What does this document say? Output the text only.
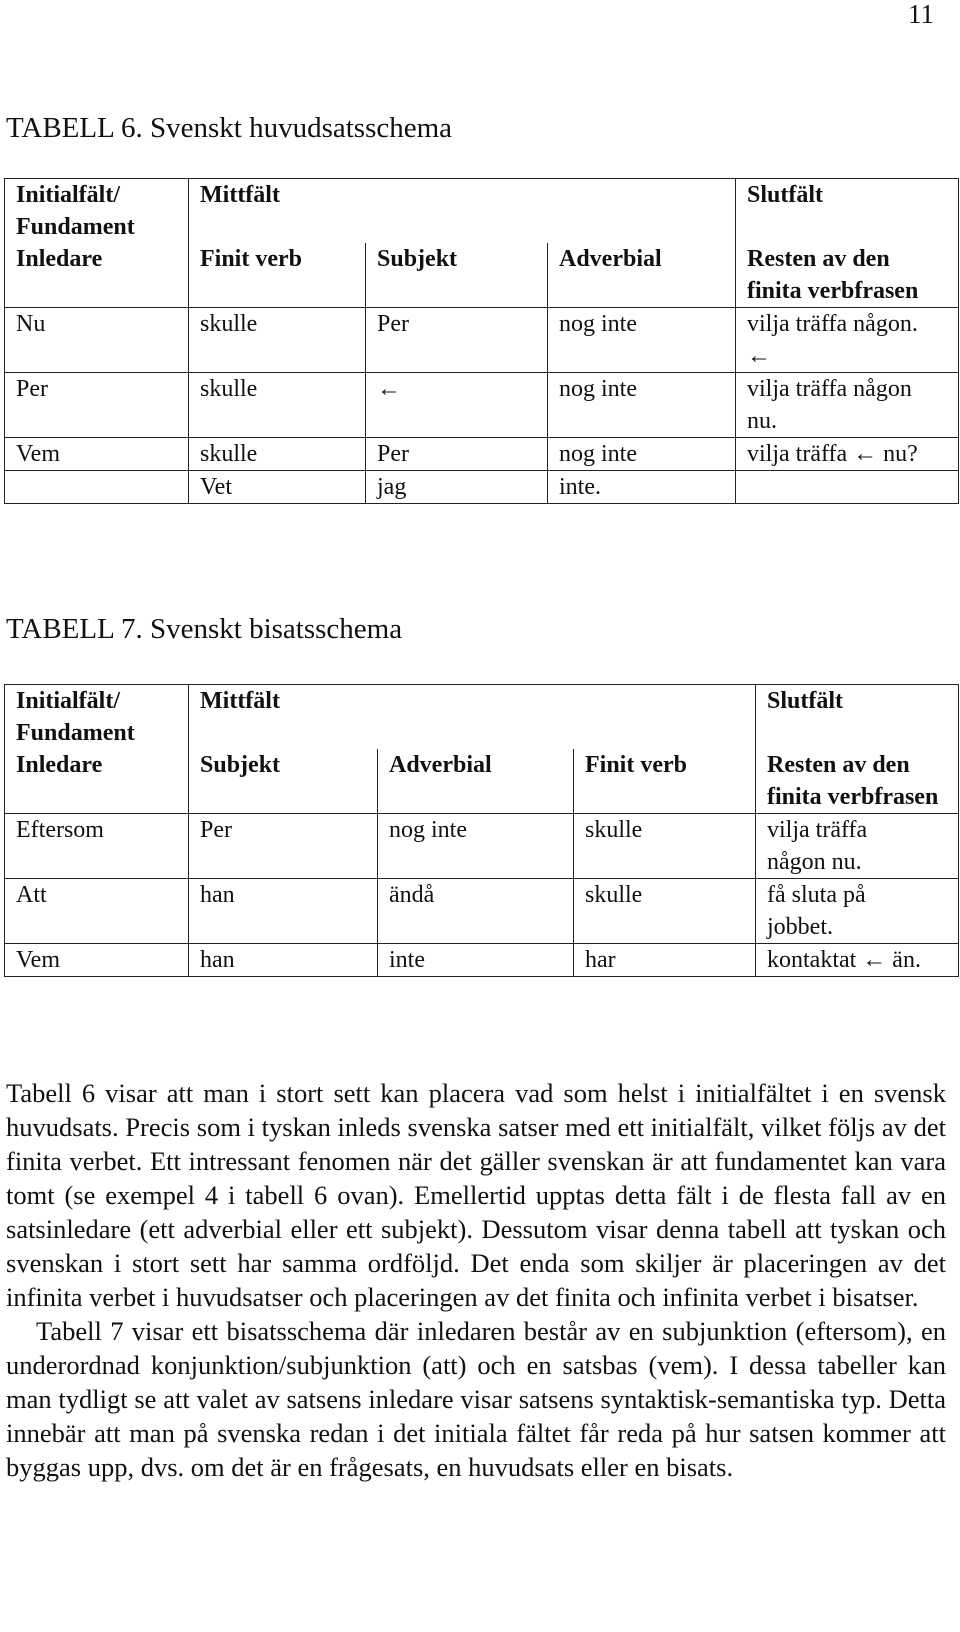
11
TABELL 6. Svenskt huvudsatsschema
Initialfält/ Fundament	Mittfält			Slutfält
Inledare	Finit verb	Subjekt	Adverbial	Resten av den finita verbfrasen
Nu	skulle	Per	nog inte	vilja träffa någon. ←
Per	skulle	←	nog inte	vilja träffa någon nu.
Vem	skulle	Per	nog inte	vilja träffa ← nu?
	Vet	jag	inte.	
TABELL 7. Svenskt bisatsschema
Initialfält/ Fundament	Mittfält			Slutfält
Inledare	Subjekt	Adverbial	Finit verb	Resten av den finita verbfrasen
Eftersom	Per	nog inte	skulle	vilja träffa någon nu.
Att	han	ändå	skulle	få sluta på jobbet.
Vem	han	inte	har	kontaktat ← än.

Tabell 6 visar att man i stort sett kan placera vad som helst i initialfältet i en svensk huvudsats. Precis som i tyskan inleds svenska satser med ett initialfält, vilket följs av det finita verbet. Ett intressant fenomen när det gäller svenskan är att fundamentet kan vara tomt (se exempel 4 i tabell 6 ovan). Emellertid upptas detta fält i de flesta fall av en satsinledare (ett adverbial eller ett subjekt). Dessutom visar denna tabell att tyskan och svenskan i stort sett har samma ordföljd. Det enda som skiljer är placeringen av det infinita verbet i huvudsatser och placeringen av det finita och infinita verbet i bisatser.

Tabell 7 visar ett bisatsschema där inledaren består av en subjunktion (eftersom), en underordnad konjunktion/subjunktion (att) och en satsbas (vem). I dessa tabeller kan man tydligt se att valet av satsens inledare visar satsens syntaktisk-semantiska typ. Detta innebär att man på svenska redan i det initiala fältet får reda på hur satsen kommer att byggas upp, dvs. om det är en frågesats, en huvudsats eller en bisats.
